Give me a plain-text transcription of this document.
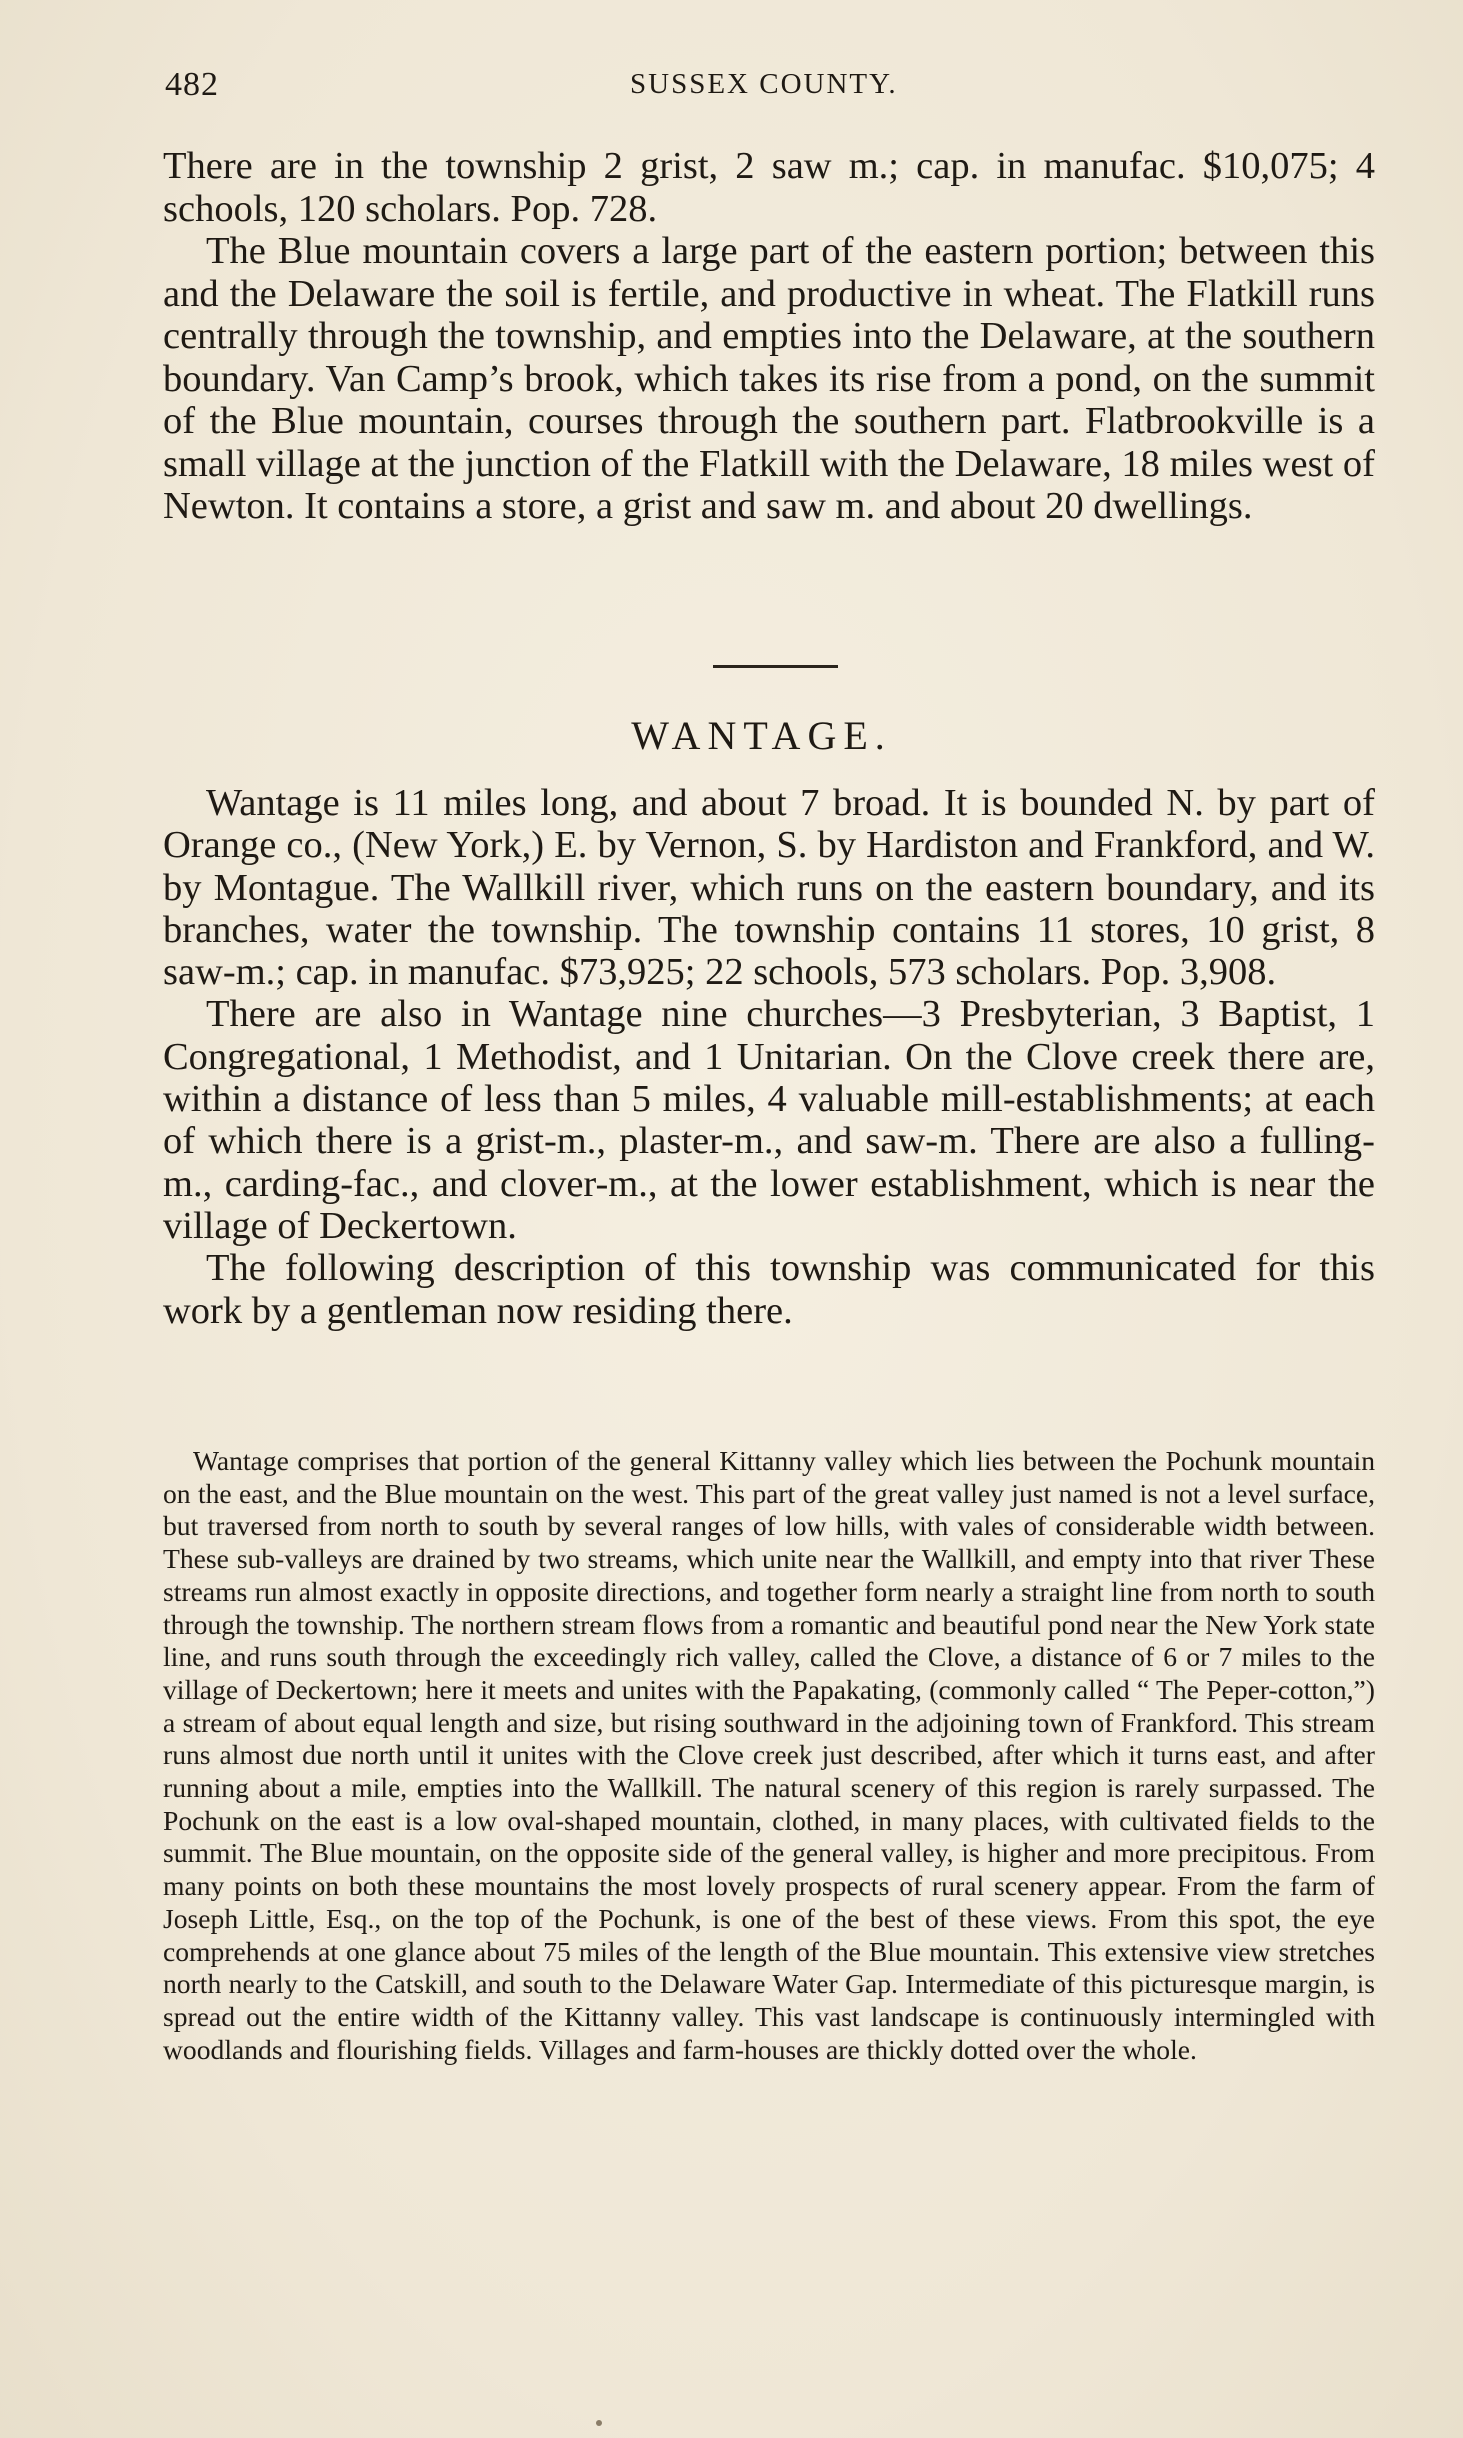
482	SUSSEX COUNTY.

There are in the township 2 grist, 2 saw m.; cap. in manufac. $10,075; 4 schools, 120 scholars. Pop. 728.

The Blue mountain covers a large part of the eastern portion; between this and the Delaware the soil is fertile, and productive in wheat. The Flatkill runs centrally through the township, and empties into the Delaware, at the southern boundary. Van Camp’s brook, which takes its rise from a pond, on the summit of the Blue mountain, courses through the southern part. Flatbrookville is a small village at the junction of the Flatkill with the Delaware, 18 miles west of Newton. It contains a store, a grist and saw m. and about 20 dwellings.

WANTAGE.

Wantage is 11 miles long, and about 7 broad. It is bounded N. by part of Orange co., (New York,) E. by Vernon, S. by Hardiston and Frankford, and W. by Montague. The Wallkill river, which runs on the eastern boundary, and its branches, water the township. The township contains 11 stores, 10 grist, 8 saw-m.; cap. in manufac. $73,925; 22 schools, 573 scholars. Pop. 3,908.

There are also in Wantage nine churches—3 Presbyterian, 3 Baptist, 1 Congregational, 1 Methodist, and 1 Unitarian. On the Clove creek there are, within a distance of less than 5 miles, 4 valuable mill-establishments; at each of which there is a grist-m., plaster-m., and saw-m. There are also a fulling-m., carding-fac., and clover-m., at the lower establishment, which is near the village of Deckertown.

The following description of this township was communicated for this work by a gentleman now residing there.

Wantage comprises that portion of the general Kittanny valley which lies between the Pochunk mountain on the east, and the Blue mountain on the west. This part of the great valley just named is not a level surface, but traversed from north to south by several ranges of low hills, with vales of considerable width between. These sub-valleys are drained by two streams, which unite near the Wallkill, and empty into that river These streams run almost exactly in opposite directions, and together form nearly a straight line from north to south through the township. The northern stream flows from a romantic and beautiful pond near the New York state line, and runs south through the exceedingly rich valley, called the Clove, a distance of 6 or 7 miles to the village of Deckertown; here it meets and unites with the Papakating, (commonly called “ The Peper-cotton,”) a stream of about equal length and size, but rising southward in the adjoining town of Frankford. This stream runs almost due north until it unites with the Clove creek just described, after which it turns east, and after running about a mile, empties into the Wallkill. The natural scenery of this region is rarely surpassed. The Pochunk on the east is a low oval-shaped mountain, clothed, in many places, with cultivated fields to the summit. The Blue mountain, on the opposite side of the general valley, is higher and more precipitous. From many points on both these mountains the most lovely prospects of rural scenery appear. From the farm of Joseph Little, Esq., on the top of the Pochunk, is one of the best of these views. From this spot, the eye comprehends at one glance about 75 miles of the length of the Blue mountain. This extensive view stretches north nearly to the Catskill, and south to the Delaware Water Gap. Intermediate of this picturesque margin, is spread out the entire width of the Kittanny valley. This vast landscape is continuously intermingled with woodlands and flourishing fields. Villages and farm-houses are thickly dotted over the whole.
